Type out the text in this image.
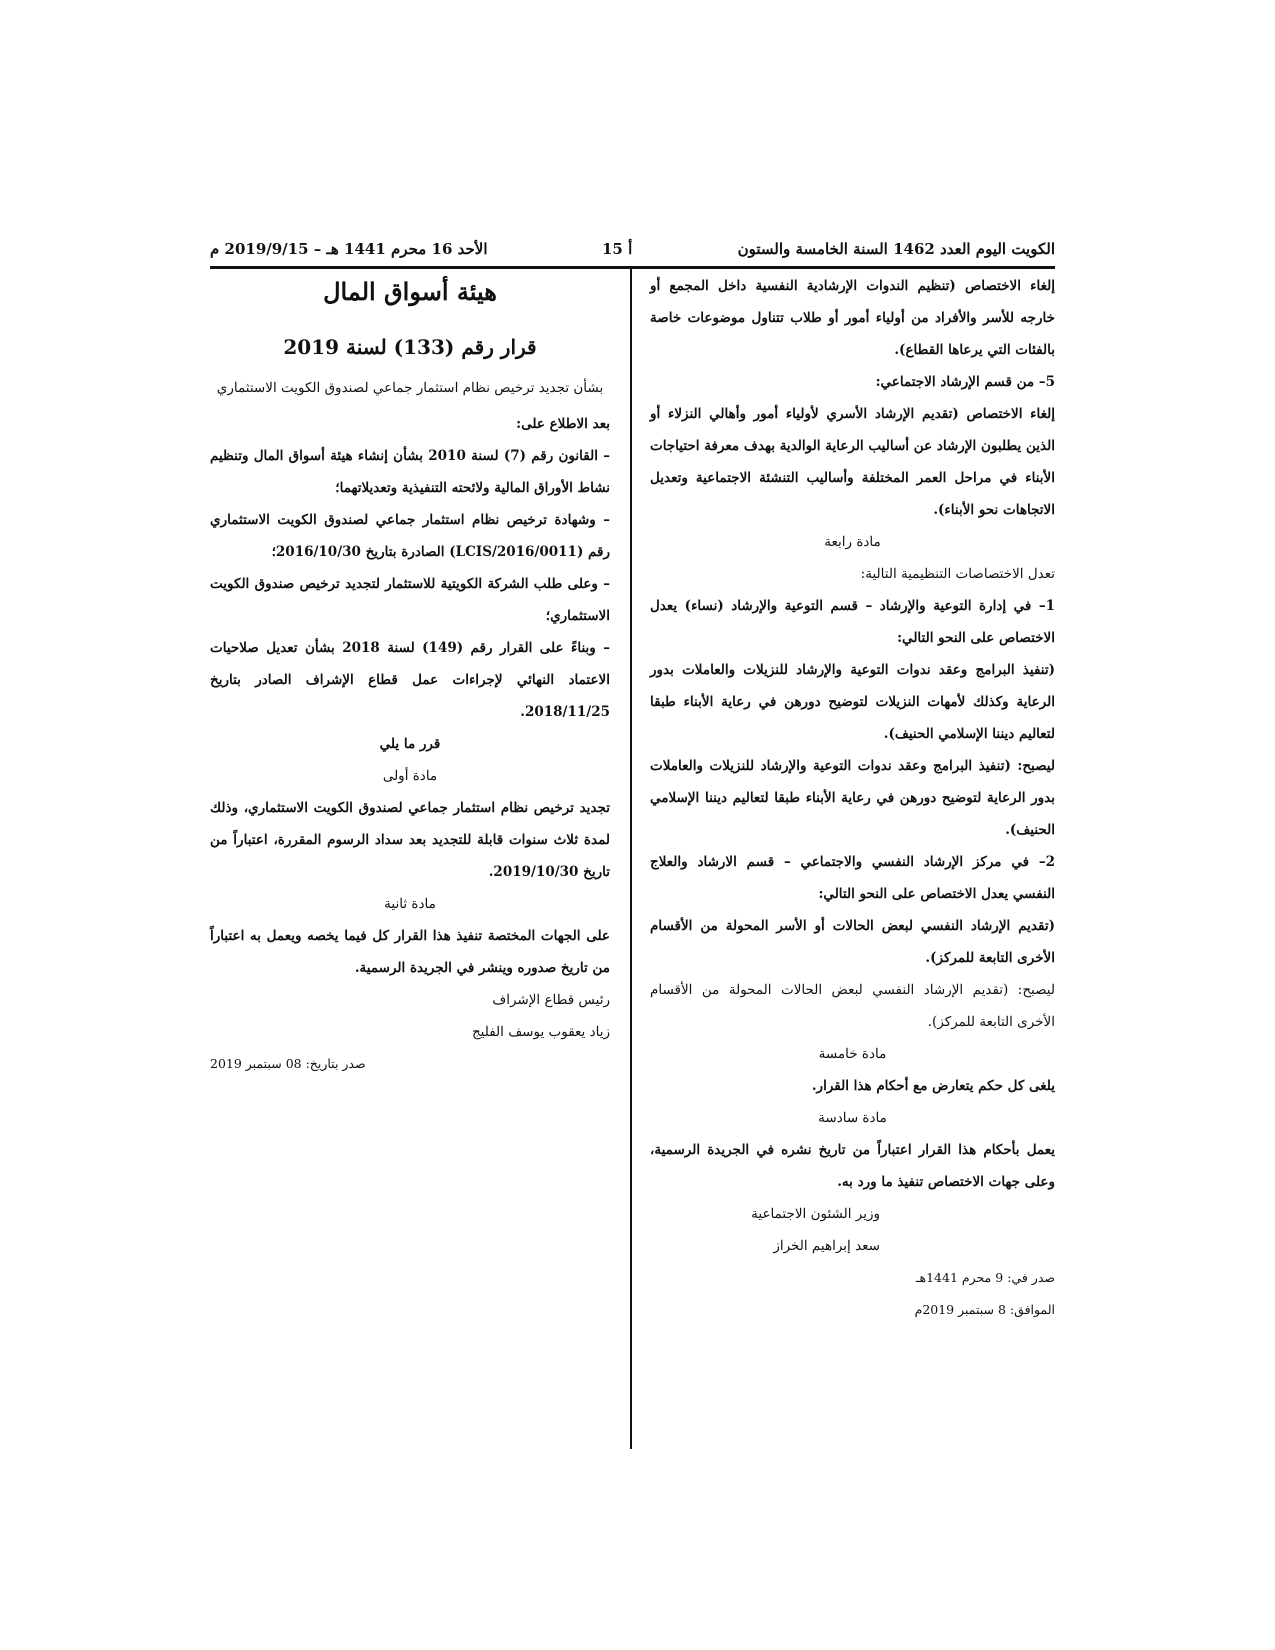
الكويت اليوم العدد 1462 السنة الخامسة والستون
أ 15
الأحد 16 محرم 1441 هـ – 2019/9/15 م

إلغاء الاختصاص (تنظيم الندوات الإرشادية النفسية داخل المجمع أو خارجه للأسر والأفراد من أولياء أمور أو طلاب تتناول موضوعات خاصة بالفئات التي يرعاها القطاع).

5– من قسم الإرشاد الاجتماعي:

إلغاء الاختصاص (تقديم الإرشاد الأسري لأولياء أمور وأهالي النزلاء أو الذين يطلبون الإرشاد عن أساليب الرعاية الوالدية بهدف معرفة احتياجات الأبناء في مراحل العمر المختلفة وأساليب التنشئة الاجتماعية وتعديل الاتجاهات نحو الأبناء).

مادة رابعة

تعدل الاختصاصات التنظيمية التالية:

1– في إدارة التوعية والإرشاد – قسم التوعية والإرشاد (نساء) يعدل الاختصاص على النحو التالي:

(تنفيذ البرامج وعقد ندوات التوعية والإرشاد للنزيلات والعاملات بدور الرعاية وكذلك لأمهات النزيلات لتوضيح دورهن في رعاية الأبناء طبقا لتعاليم ديننا الإسلامي الحنيف).

ليصبح: (تنفيذ البرامج وعقد ندوات التوعية والإرشاد للنزيلات والعاملات بدور الرعاية لتوضيح دورهن في رعاية الأبناء طبقا لتعاليم ديننا الإسلامي الحنيف).

2– في مركز الإرشاد النفسي والاجتماعي – قسم الارشاد والعلاج النفسي يعدل الاختصاص على النحو التالي:

(تقديم الإرشاد النفسي لبعض الحالات أو الأسر المحولة من الأقسام الأخرى التابعة للمركز).

ليصبح: (تقديم الإرشاد النفسي لبعض الحالات المحولة من الأقسام الأخرى التابعة للمركز).

مادة خامسة

يلغى كل حكم يتعارض مع أحكام هذا القرار.

مادة سادسة

يعمل بأحكام هذا القرار اعتباراً من تاريخ نشره في الجريدة الرسمية، وعلى جهات الاختصاص تنفيذ ما ورد به.

وزير الشئون الاجتماعية

سعد إبراهيم الخراز

صدر في: 9 محرم 1441هـ

الموافق: 8 سبتمبر 2019م

هيئة أسواق المال

قرار رقم (133) لسنة 2019

بشأن تجديد ترخيص نظام استثمار جماعي لصندوق الكويت الاستثماري

بعد الاطلاع على:

– القانون رقم (7) لسنة 2010 بشأن إنشاء هيئة أسواق المال وتنظيم نشاط الأوراق المالية ولائحته التنفيذية وتعديلاتهما؛

– وشهادة ترخيص نظام استثمار جماعي لصندوق الكويت الاستثماري رقم (LCIS/2016/0011) الصادرة بتاريخ 2016/10/30؛

– وعلى طلب الشركة الكويتية للاستثمار لتجديد ترخيص صندوق الكويت الاستثماري؛

– وبناءً على القرار رقم (149) لسنة 2018 بشأن تعديل صلاحيات الاعتماد النهائي لإجراءات عمل قطاع الإشراف الصادر بتاريخ 2018/11/25.

قرر ما يلي

مادة أولى

تجديد ترخيص نظام استثمار جماعي لصندوق الكويت الاستثماري، وذلك لمدة ثلاث سنوات قابلة للتجديد بعد سداد الرسوم المقررة، اعتباراً من تاريخ 2019/10/30.

مادة ثانية

على الجهات المختصة تنفيذ هذا القرار كل فيما يخصه ويعمل به اعتباراً من تاريخ صدوره وينشر في الجريدة الرسمية.

رئيس قطاع الإشراف

زياد يعقوب يوسف الفليج

صدر بتاريخ: 08 سبتمبر 2019
